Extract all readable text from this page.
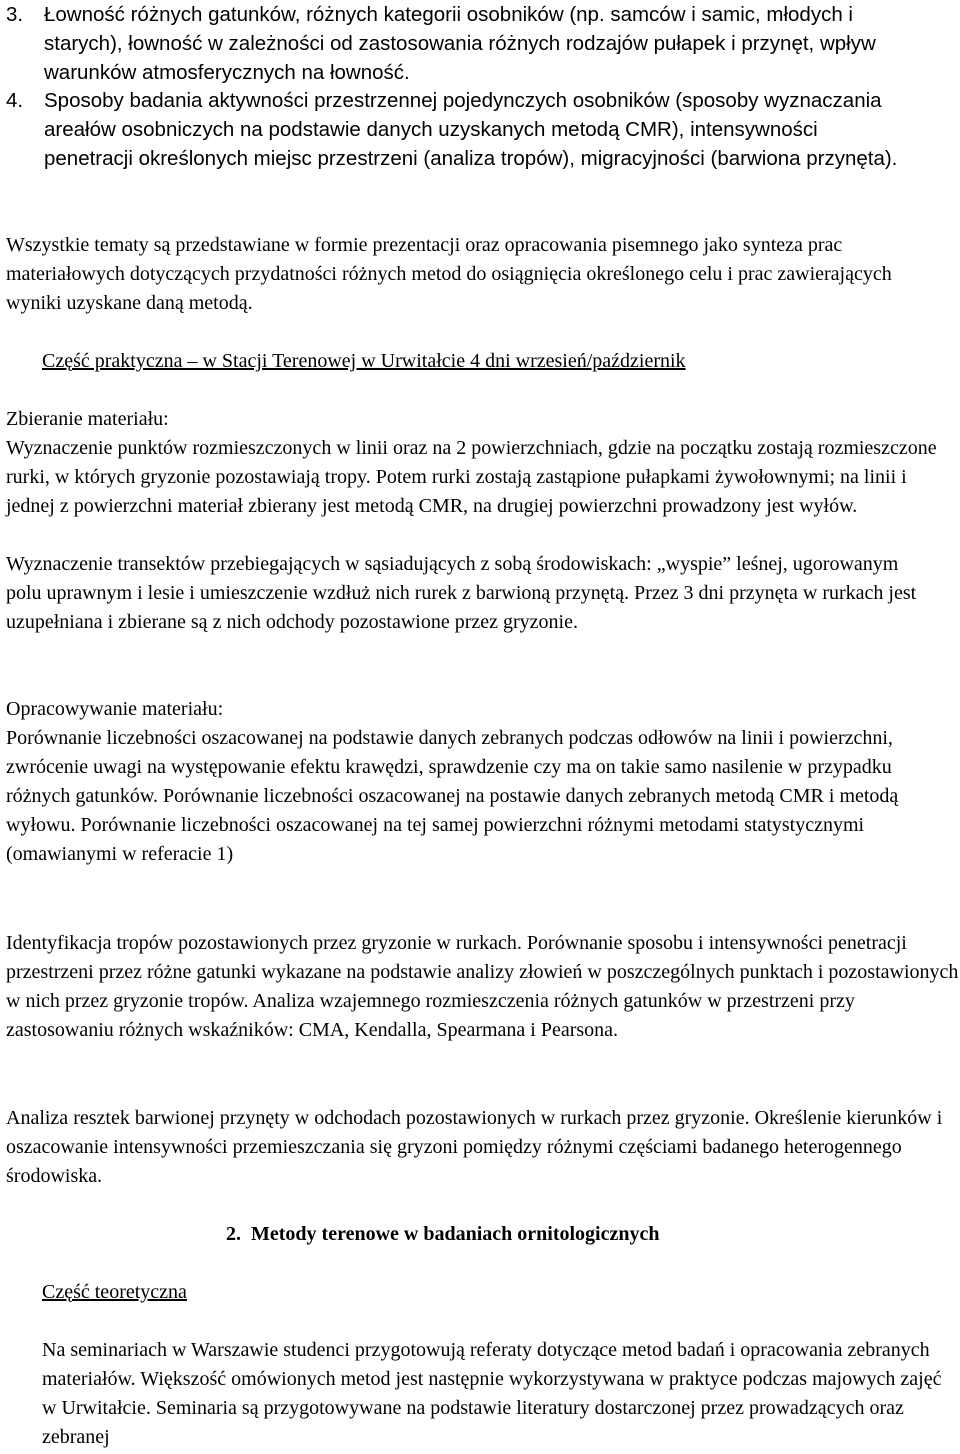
3. Łowność różnych gatunków, różnych kategorii osobników (np. samców i samic, młodych i starych), łowność w zależności od zastosowania różnych rodzajów pułapek i przynęt, wpływ warunków atmosferycznych na łowność.
4. Sposoby badania aktywności przestrzennej pojedynczych osobników (sposoby wyznaczania areałów osobniczych na podstawie danych uzyskanych metodą CMR), intensywności penetracji określonych miejsc przestrzeni (analiza tropów), migracyjności (barwiona przynęta).
Wszystkie tematy są przedstawiane w formie prezentacji oraz opracowania pisemnego jako synteza prac materiałowych dotyczących przydatności różnych metod do osiągnięcia określonego celu i prac zawierających wyniki uzyskane daną metodą.
Część praktyczna – w Stacji Terenowej w Urwitałcie 4 dni wrzesień/październik
Zbieranie materiału:
Wyznaczenie punktów rozmieszczonych w linii oraz na 2 powierzchniach, gdzie na początku zostają rozmieszczone rurki, w których gryzonie pozostawiają tropy. Potem rurki zostają zastąpione pułapkami żywołownymi; na linii i jednej z powierzchni materiał zbierany jest metodą CMR, na drugiej powierzchni prowadzony jest wyłów.
Wyznaczenie transektów przebiegających w sąsiadujących z sobą środowiskach: „wyspie” leśnej, ugorowanym polu uprawnym i lesie i umieszczenie wzdłuż nich rurek z barwioną przynętą. Przez 3 dni przynęta w rurkach jest uzupełniana i zbierane są z nich odchody pozostawione przez gryzonie.
Opracowywanie materiału:
Porównanie liczebności oszacowanej na podstawie danych zebranych podczas odłowów na linii i powierzchni, zwrócenie uwagi na występowanie efektu krawędzi, sprawdzenie czy ma on takie samo nasilenie w przypadku różnych gatunków. Porównanie liczebności oszacowanej na postawie danych zebranych metodą CMR i metodą wyłowu. Porównanie liczebności oszacowanej na tej samej powierzchni różnymi metodami statystycznymi (omawianymi w referacie 1)
Identyfikacja tropów pozostawionych przez gryzonie w rurkach. Porównanie sposobu i intensywności penetracji przestrzeni przez różne gatunki wykazane na podstawie analizy złowień w poszczególnych punktach i pozostawionych w nich przez gryzonie tropów. Analiza wzajemnego rozmieszczenia różnych gatunków w przestrzeni przy zastosowaniu różnych wskaźników: CMA, Kendalla, Spearmana i Pearsona.
Analiza resztek barwionej przynęty w odchodach pozostawionych w rurkach przez gryzonie. Określenie kierunków i oszacowanie intensywności przemieszczania się gryzoni pomiędzy różnymi częściami badanego heterogennego środowiska.
2. Metody terenowe w badaniach ornitologicznych
Część teoretyczna
Na seminariach w Warszawie studenci przygotowują referaty dotyczące metod badań i opracowania zebranych materiałów. Większość omówionych metod jest następnie wykorzystywana w praktyce podczas majowych zajęć w Urwitałcie. Seminaria są przygotowywane na podstawie literatury dostarczonej przez prowadzących oraz zebranej
